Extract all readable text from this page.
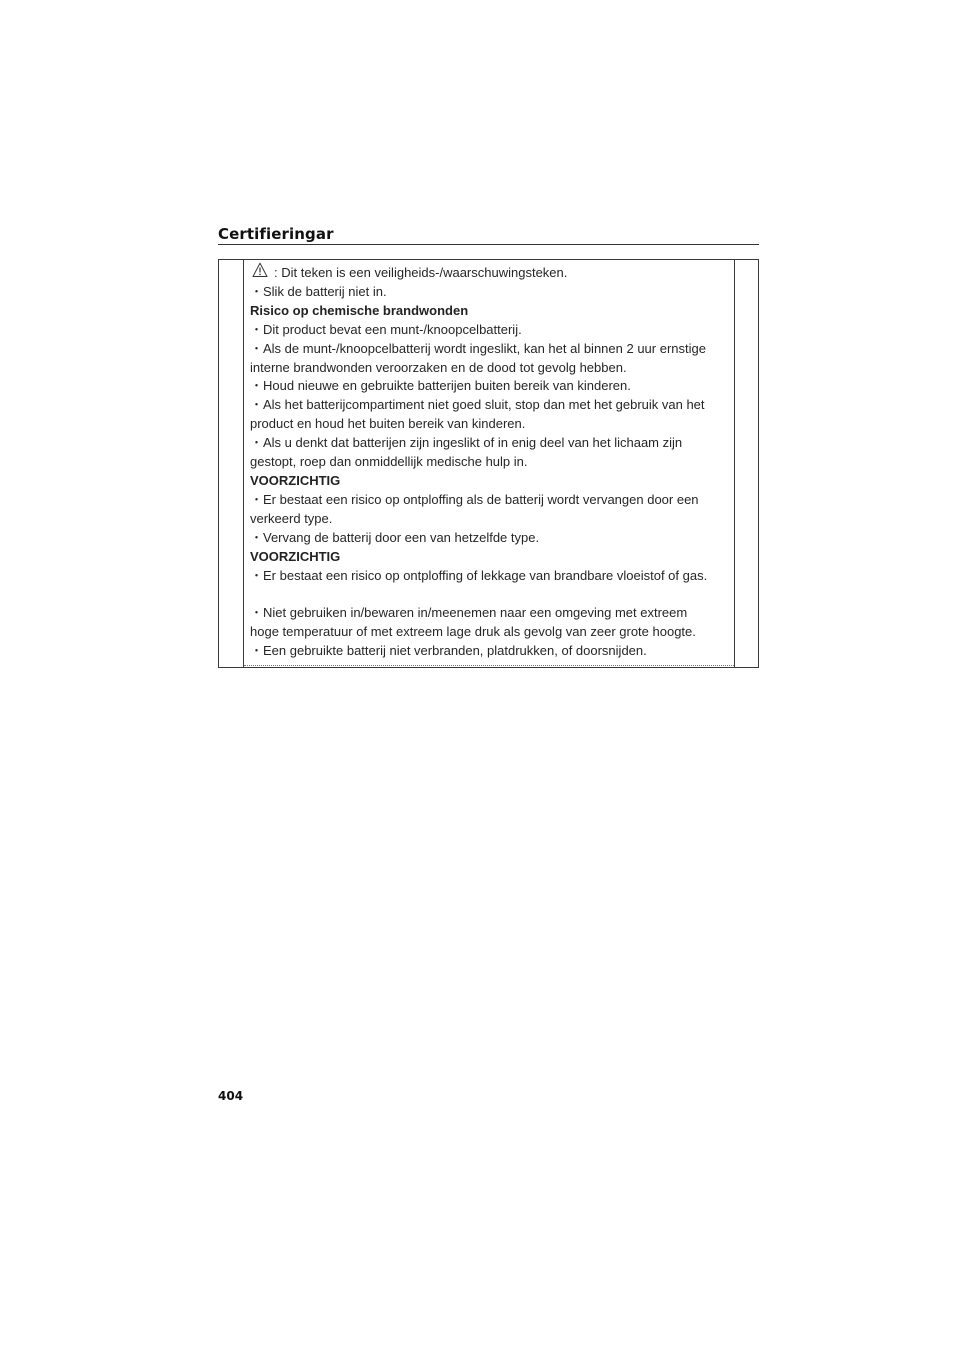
Certifieringar

: Dit teken is een veiligheids-/waarschuwingsteken.

・Slik de batterij niet in.

Risico op chemische brandwonden

・Dit product bevat een munt-/knoopcelbatterij.

・Als de munt-/knoopcelbatterij wordt ingeslikt, kan het al binnen 2 uur ernstige

interne brandwonden veroorzaken en de dood tot gevolg hebben.

・Houd nieuwe en gebruikte batterijen buiten bereik van kinderen.

・Als het batterijcompartiment niet goed sluit, stop dan met het gebruik van het

product en houd het buiten bereik van kinderen.

・Als u denkt dat batterijen zijn ingeslikt of in enig deel van het lichaam zijn

gestopt, roep dan onmiddellijk medische hulp in.

VOORZICHTIG

・Er bestaat een risico op ontploffing als de batterij wordt vervangen door een

verkeerd type.

・Vervang de batterij door een van hetzelfde type.

VOORZICHTIG

・Er bestaat een risico op ontploffing of lekkage van brandbare vloeistof of gas.

・Niet gebruiken in/bewaren in/meenemen naar een omgeving met extreem

hoge temperatuur of met extreem lage druk als gevolg van zeer grote hoogte.

・Een gebruikte batterij niet verbranden, platdrukken, of doorsnijden.

404
